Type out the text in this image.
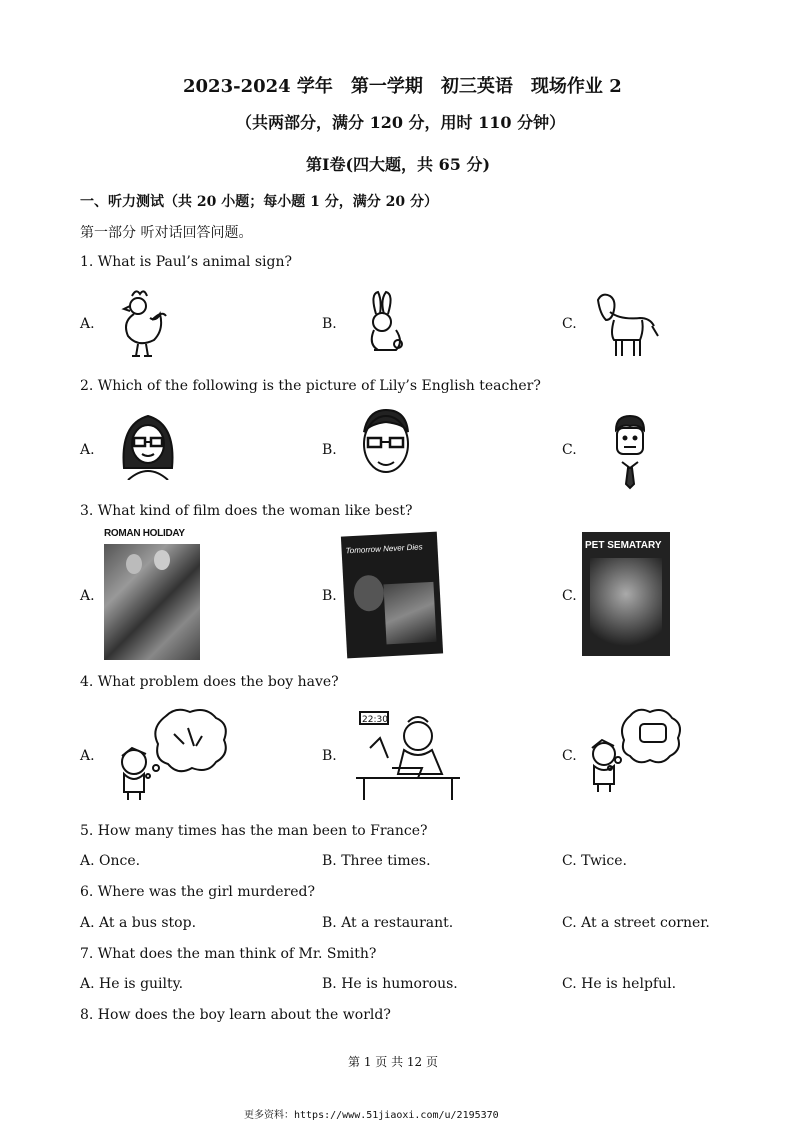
2023-2024 学年　第一学期　初三英语　现场作业 2
（共两部分，满分 120 分，用时 110 分钟）
第Ⅰ卷(四大题，共 65 分)
一、听力测试（共 20 小题；每小题 1 分，满分 20 分）
第一部分 听对话回答问题。
1. What is Paul’s animal sign?
A.	B.	C.
2. Which of the following is the picture of Lily’s English teacher?
A.	B.	C.
3. What kind of film does the woman like best?
A.
ROMAN HOLIDAY
B.
Tomorrow Never Dies
C.
PET SEMATARY
4. What problem does the boy have?
A.	B.
22:30
C.
5. How many times has the man been to France?
A. Once.	B. Three times.	C. Twice.
6. Where was the girl murdered?
A. At a bus stop.	B. At a restaurant.	C. At a street corner.
7. What does the man think of Mr. Smith?
A. He is guilty.	B. He is humorous.	C. He is helpful.
8. How does the boy learn about the world?
第 1 页 共 12 页
更多资料：https://www.51jiaoxi.com/u/2195370
